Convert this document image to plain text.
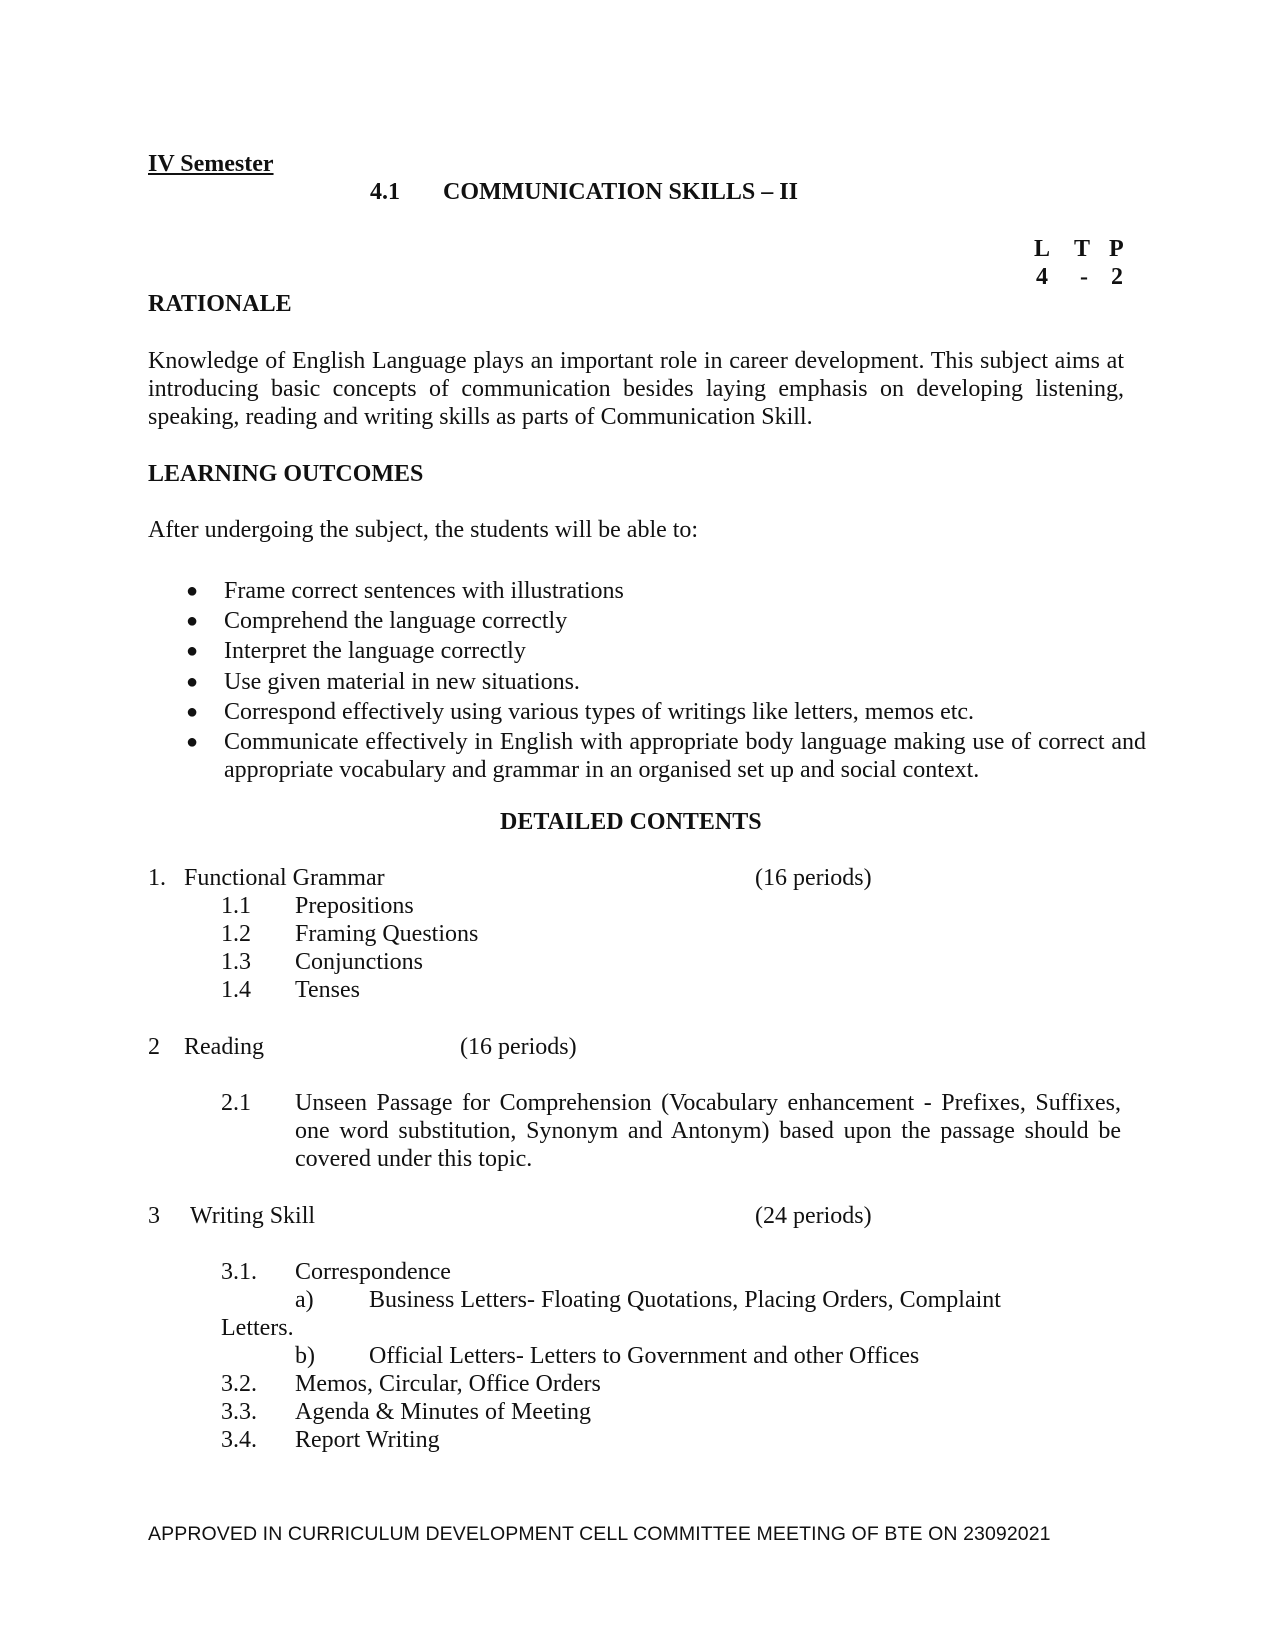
IV Semester
4.1 COMMUNICATION SKILLS – II
L T P
4 - 2
RATIONALE
Knowledge of English Language plays an important role in career development. This subject aims at introducing basic concepts of communication besides laying emphasis on developing listening, speaking, reading and writing skills as parts of Communication Skill.
LEARNING OUTCOMES
After undergoing the subject, the students will be able to:
● Frame correct sentences with illustrations
● Comprehend the language correctly
● Interpret the language correctly
● Use given material in new situations.
● Correspond effectively using various types of writings like letters, memos etc.
● Communicate effectively in English with appropriate body language making use of correct and appropriate vocabulary and grammar in an organised set up and social context.
DETAILED CONTENTS
1. Functional Grammar	(16 periods)
1.1 Prepositions
1.2 Framing Questions
1.3 Conjunctions
1.4 Tenses
2 Reading	(16 periods)
2.1 Unseen Passage for Comprehension (Vocabulary enhancement - Prefixes, Suffixes, one word substitution, Synonym and Antonym) based upon the passage should be covered under this topic.
3 Writing Skill	(24 periods)
3.1. Correspondence
a) Business Letters- Floating Quotations, Placing Orders, Complaint
Letters.
b) Official Letters- Letters to Government and other Offices
3.2. Memos, Circular, Office Orders
3.3. Agenda & Minutes of Meeting
3.4. Report Writing
APPROVED IN CURRICULUM DEVELOPMENT CELL COMMITTEE MEETING OF BTE ON 23092021
